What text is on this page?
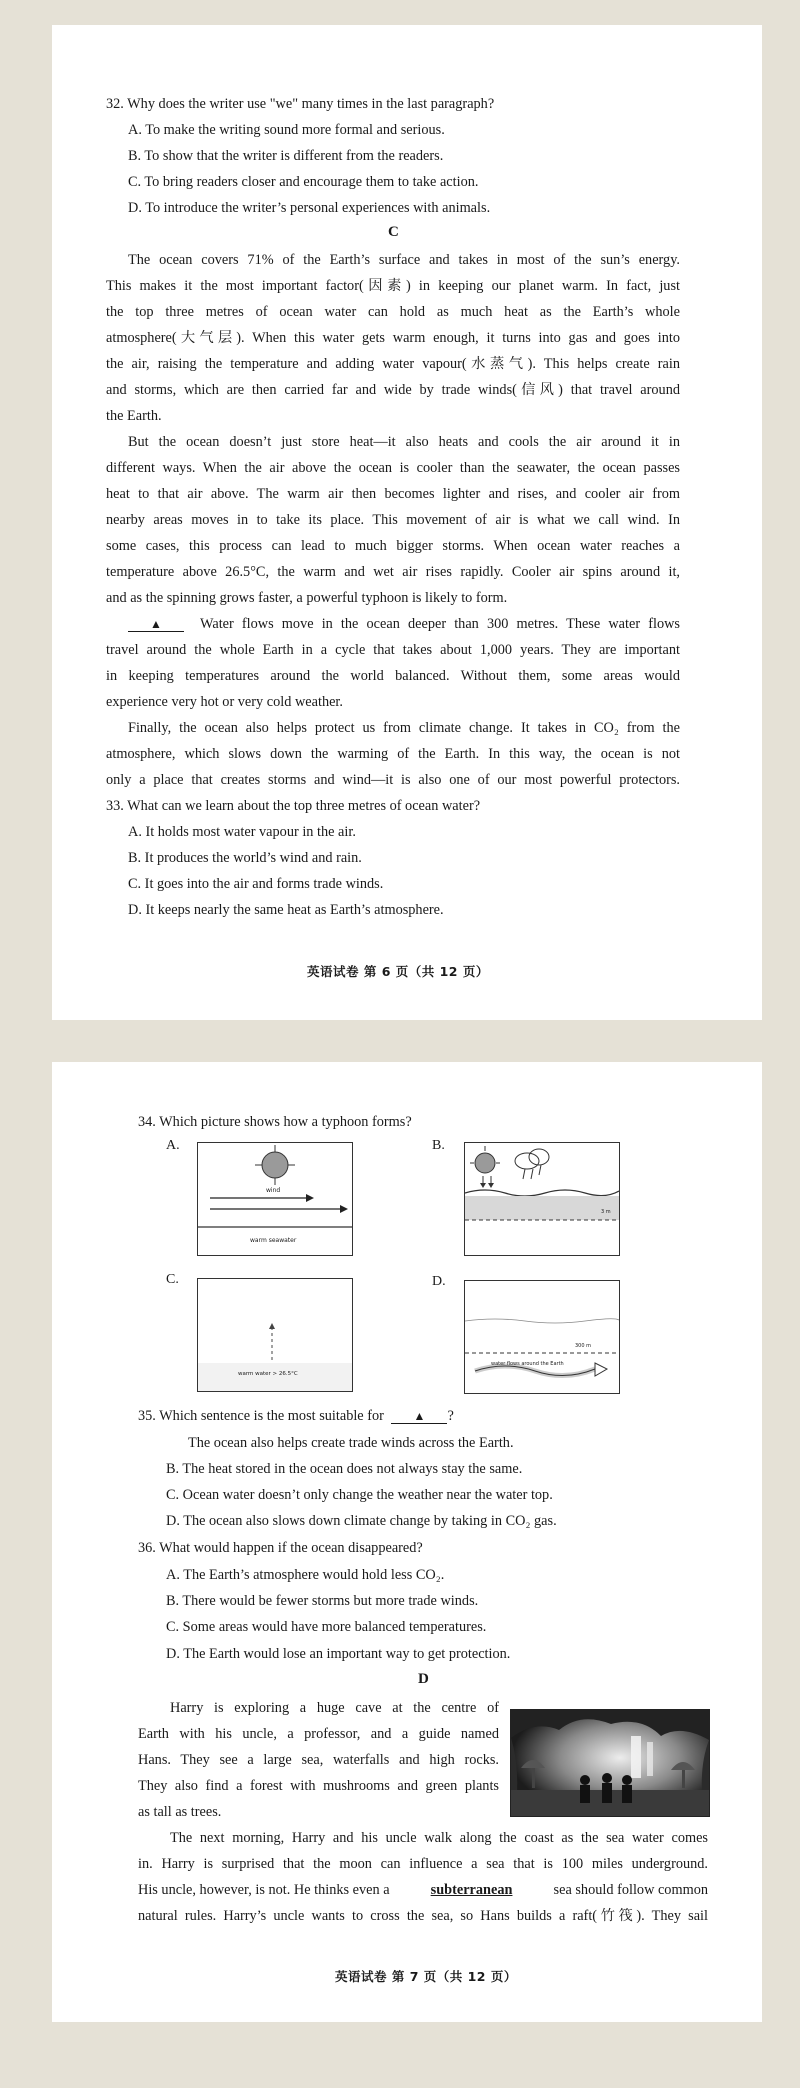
32. Why does the writer use "we" many times in the last paragraph?
A. To make the writing sound more formal and serious.
B. To show that the writer is different from the readers.
C. To bring readers closer and encourage them to take action.
D. To introduce the writer’s personal experiences with animals.
C
The ocean covers 71% of the Earth’s surface and takes in most of the sun’s energy.
This makes it the most important factor(因素) in keeping our planet warm. In fact, just
the top three metres of ocean water can hold as much heat as the Earth’s whole
atmosphere(大气层). When this water gets warm enough, it turns into gas and goes into
the air, raising the temperature and adding water vapour(水蒸气). This helps create rain
and storms, which are then carried far and wide by trade winds(信风) that travel around
the Earth.
But the ocean doesn’t just store heat—it also heats and cools the air around it in
different ways. When the air above the ocean is cooler than the seawater, the ocean passes
heat to that air above. The warm air then becomes lighter and rises, and cooler air from
nearby areas moves in to take its place. This movement of air is what we call wind. In
some cases, this process can lead to much bigger storms. When ocean water reaches a
temperature above 26.5°C, the warm and wet air rises rapidly. Cooler air spins around it,
and as the spinning grows faster, a powerful typhoon is likely to form.
▲	Water flows move in the ocean deeper than 300 metres. These water flows
travel around the whole Earth in a cycle that takes about 1,000 years. They are important
in keeping temperatures around the world balanced. Without them, some areas would
experience very hot or very cold weather.
Finally, the ocean also helps protect us from climate change. It takes in CO₂ from the
atmosphere, which slows down the warming of the Earth. In this way, the ocean is not
only a place that creates storms and wind—it is also one of our most powerful protectors.
33. What can we learn about the top three metres of ocean water?
A. It holds most water vapour in the air.
B. It produces the world’s wind and rain.
C. It goes into the air and forms trade winds.
D. It keeps nearly the same heat as Earth’s atmosphere.
英语试卷 第 6 页（共 12 页）
34. Which picture shows how a typhoon forms?
A.	B.
C.	D.
wind
warm seawater
3 m
warm water > 26.5°C
300 m
water flows around the Earth
35. Which sentence is the most suitable for ▲ ?
The ocean also helps create trade winds across the Earth.
B. The heat stored in the ocean does not always stay the same.
C. Ocean water doesn’t only change the weather near the water top.
D. The ocean also slows down climate change by taking in CO₂ gas.
36. What would happen if the ocean disappeared?
A. The Earth’s atmosphere would hold less CO₂.
B. There would be fewer storms but more trade winds.
C. Some areas would have more balanced temperatures.
D. The Earth would lose an important way to get protection.
D
Harry is exploring a huge cave at the centre of
Earth with his uncle, a professor, and a guide named
Hans. They see a large sea, waterfalls and high rocks.
They also find a forest with mushrooms and green plants
as tall as trees.
The next morning, Harry and his uncle walk along the coast as the sea water comes
in. Harry is surprised that the moon can influence a sea that is 100 miles underground.
His uncle, however, is not. He thinks even a	subterranean	sea should follow common
natural rules. Harry’s uncle wants to cross the sea, so Hans builds a raft(竹筏). They sail
英语试卷 第 7 页（共 12 页）
